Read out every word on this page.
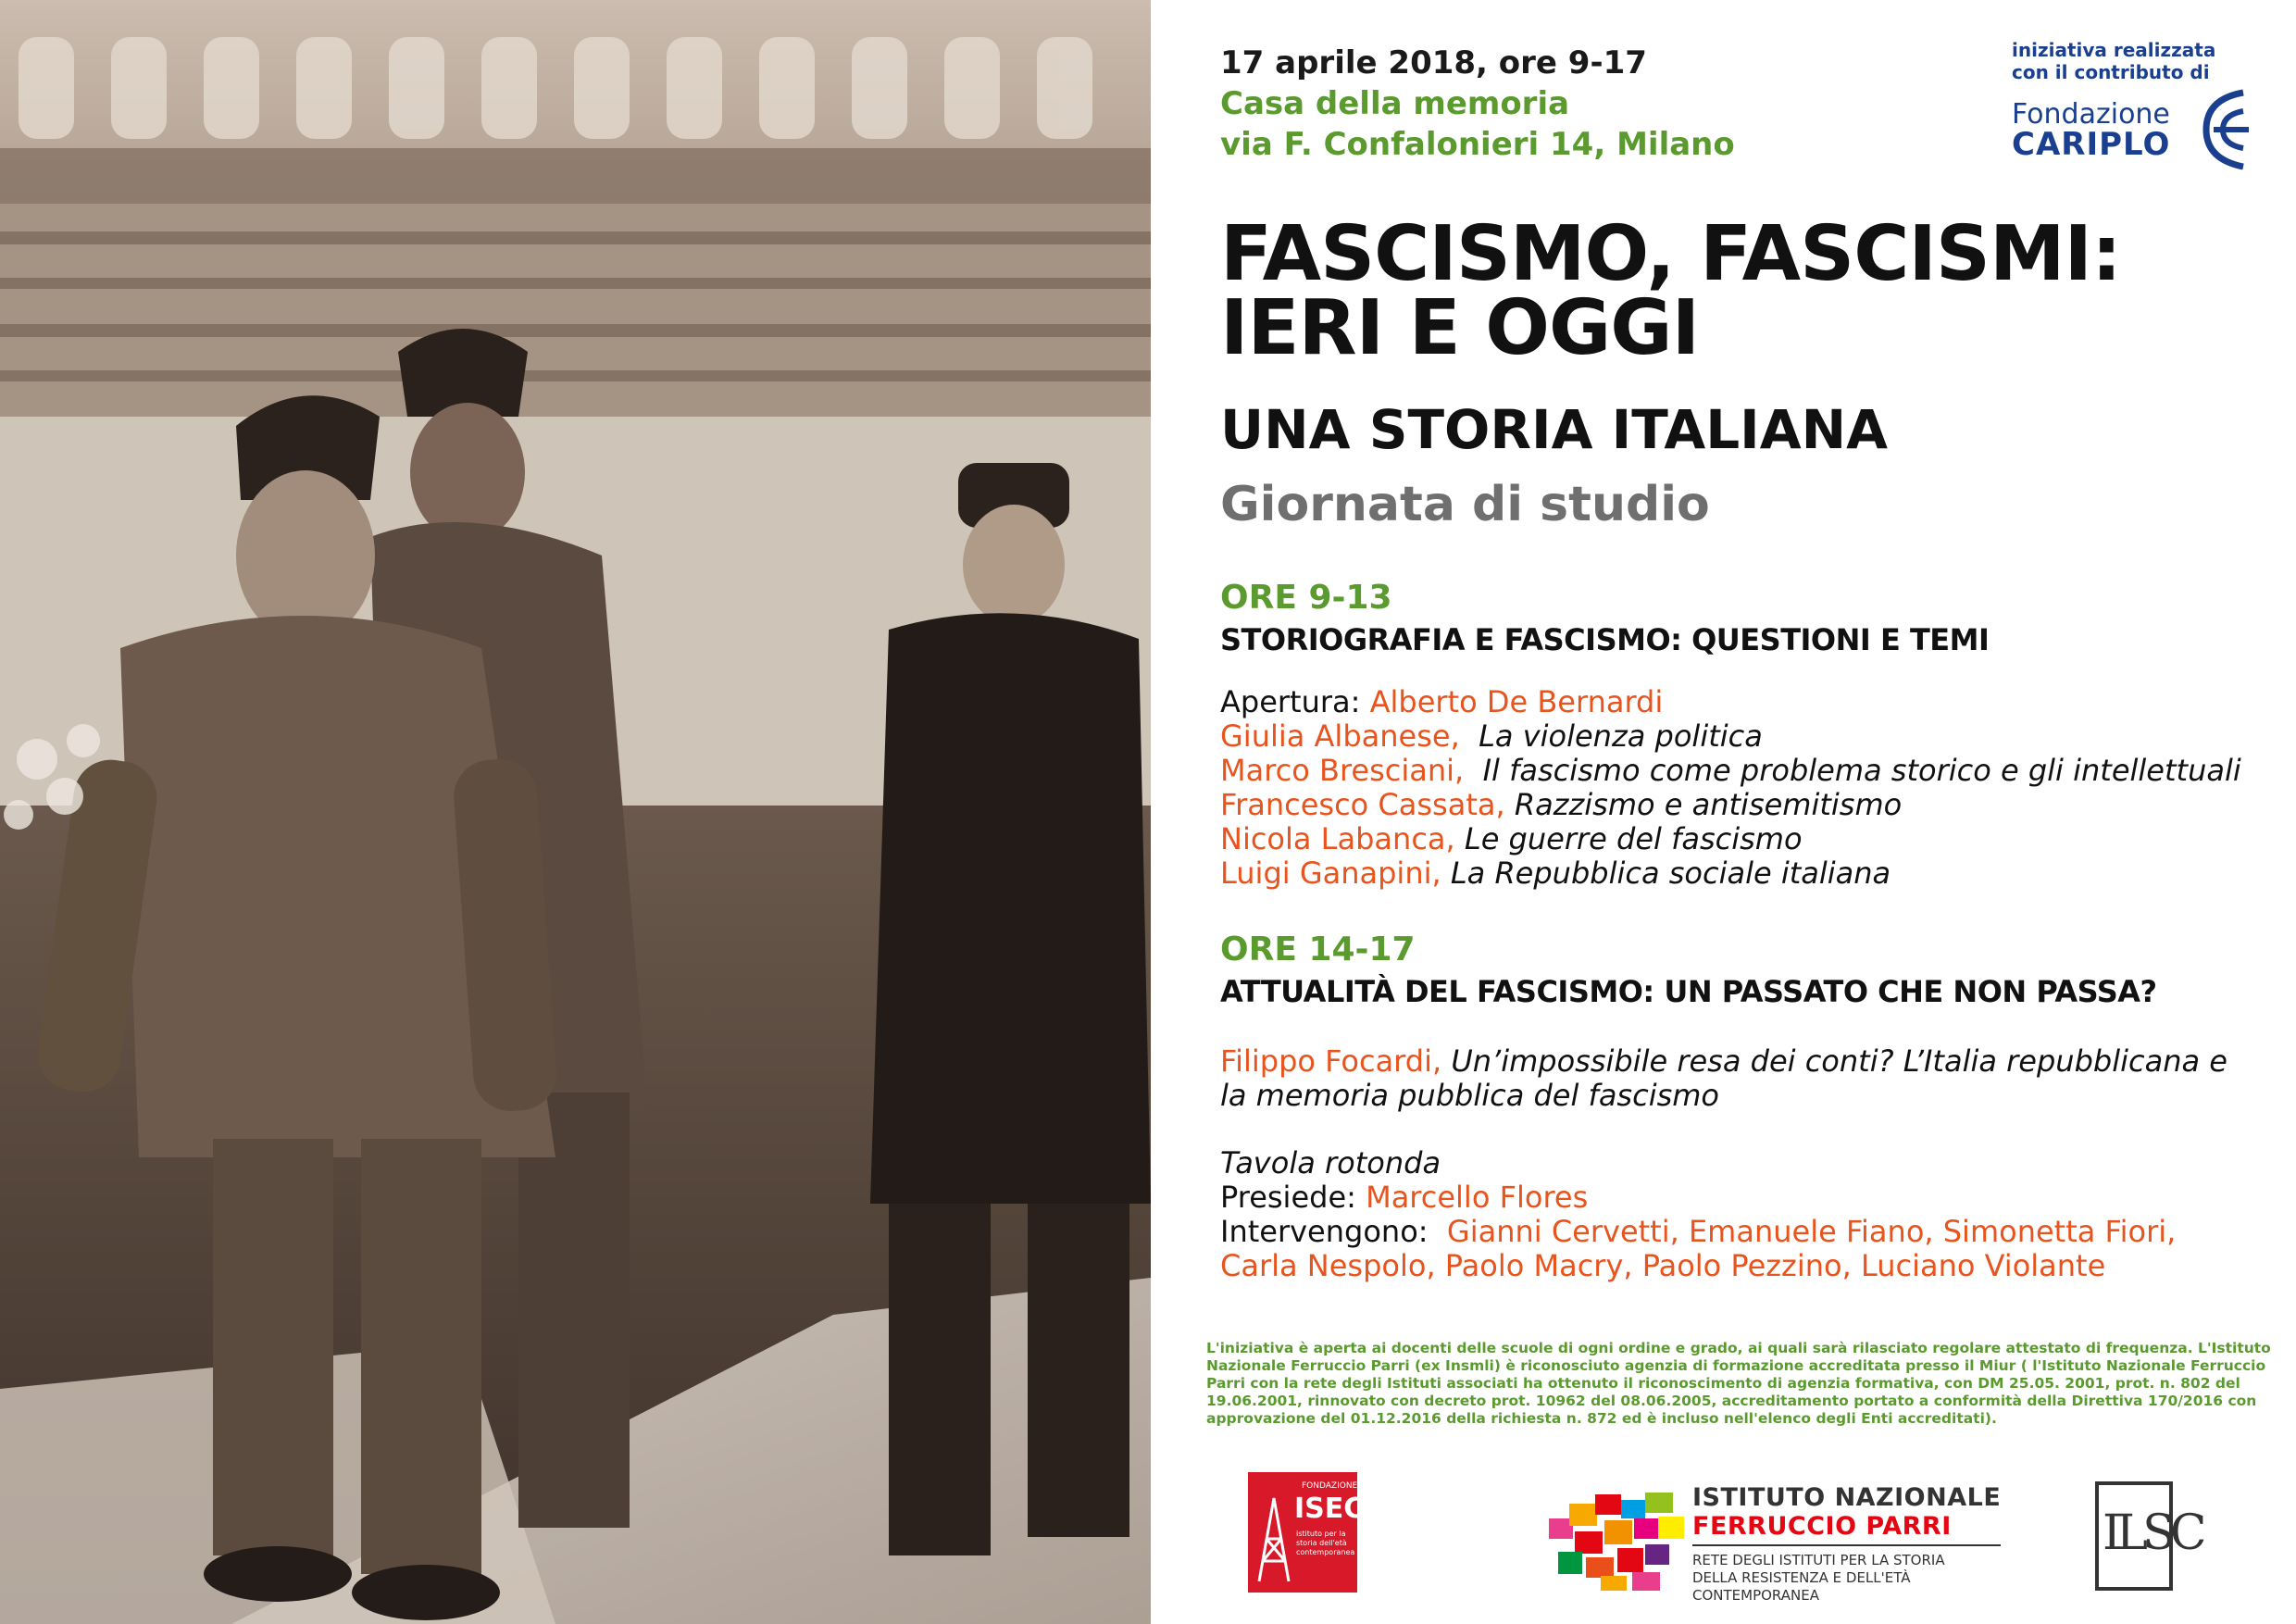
17 aprile 2018, ore 9-17
Casa della memoria
via F. Confalonieri 14, Milano
iniziativa realizzata
con il contributo di
Fondazione
CARIPLO
FASCISMO, FASCISMI:
IERI E OGGI
UNA STORIA ITALIANA
Giornata di studio
ORE 9-13
STORIOGRAFIA E FASCISMO: QUESTIONI E TEMI
Apertura: Alberto De Bernardi
Giulia Albanese, La violenza politica
Marco Bresciani, Il fascismo come problema storico e gli intellettuali
Francesco Cassata, Razzismo e antisemitismo
Nicola Labanca, Le guerre del fascismo
Luigi Ganapini, La Repubblica sociale italiana
ORE 14-17
ATTUALITÀ DEL FASCISMO: UN PASSATO CHE NON PASSA?
Filippo Focardi, Un’impossibile resa dei conti? L’Italia repubblicana e
la memoria pubblica del fascismo
Tavola rotonda
Presiede: Marcello Flores
Intervengono: Gianni Cervetti, Emanuele Fiano, Simonetta Fiori,
Carla Nespolo, Paolo Macry, Paolo Pezzino, Luciano Violante
L'iniziativa è aperta ai docenti delle scuole di ogni ordine e grado, ai quali sarà rilasciato regolare attestato di frequenza. L'Istituto Nazionale Ferruccio Parri (ex Insmli) è riconosciuto agenzia di formazione accreditata presso il Miur ( l'Istituto Nazionale Ferruccio Parri con la rete degli Istituti associati ha ottenuto il riconoscimento di agenzia formativa, con DM 25.05. 2001, prot. n. 802 del 19.06.2001, rinnovato con decreto prot. 10962 del 08.06.2005, accreditamento portato a conformità della Direttiva 170/2016 con approvazione del 01.12.2016 della richiesta n. 872 ed è incluso nell'elenco degli Enti accreditati).
FONDAZIONE
ISEC
istituto per la storia dell'età contemporanea
ISTITUTO NAZIONALE
FERRUCCIO PARRI
RETE DEGLI ISTITUTI PER LA STORIA
DELLA RESISTENZA E DELL'ETÀ
CONTEMPORANEA
ILSC
